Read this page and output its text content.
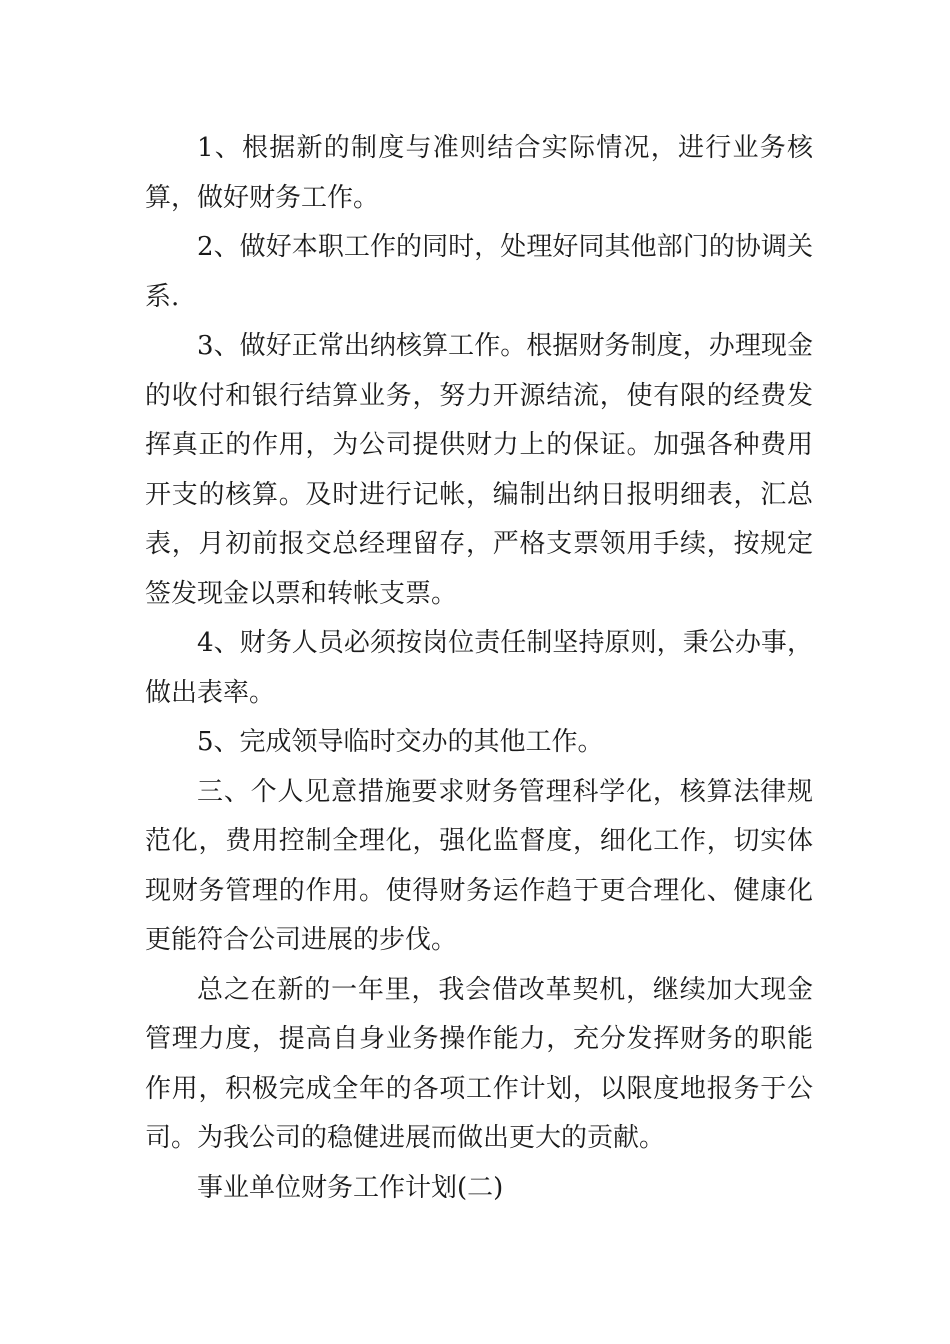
1、根据新的制度与准则结合实际情况，进行业务核算，做好财务工作。

2、做好本职工作的同时，处理好同其他部门的协调关系.

3、做好正常出纳核算工作。根据财务制度，办理现金的收付和银行结算业务，努力开源结流，使有限的经费发挥真正的作用，为公司提供财力上的保证。加强各种费用开支的核算。及时进行记帐，编制出纳日报明细表，汇总表，月初前报交总经理留存，严格支票领用手续，按规定签发现金以票和转帐支票。

4、财务人员必须按岗位责任制坚持原则，秉公办事，做出表率。

5、完成领导临时交办的其他工作。

三、个人见意措施要求财务管理科学化，核算法律规范化，费用控制全理化，强化监督度，细化工作，切实体现财务管理的作用。使得财务运作趋于更合理化、健康化更能符合公司进展的步伐。

总之在新的一年里，我会借改革契机，继续加大现金管理力度，提高自身业务操作能力，充分发挥财务的职能作用，积极完成全年的各项工作计划，以限度地报务于公司。为我公司的稳健进展而做出更大的贡献。

事业单位财务工作计划(二)
